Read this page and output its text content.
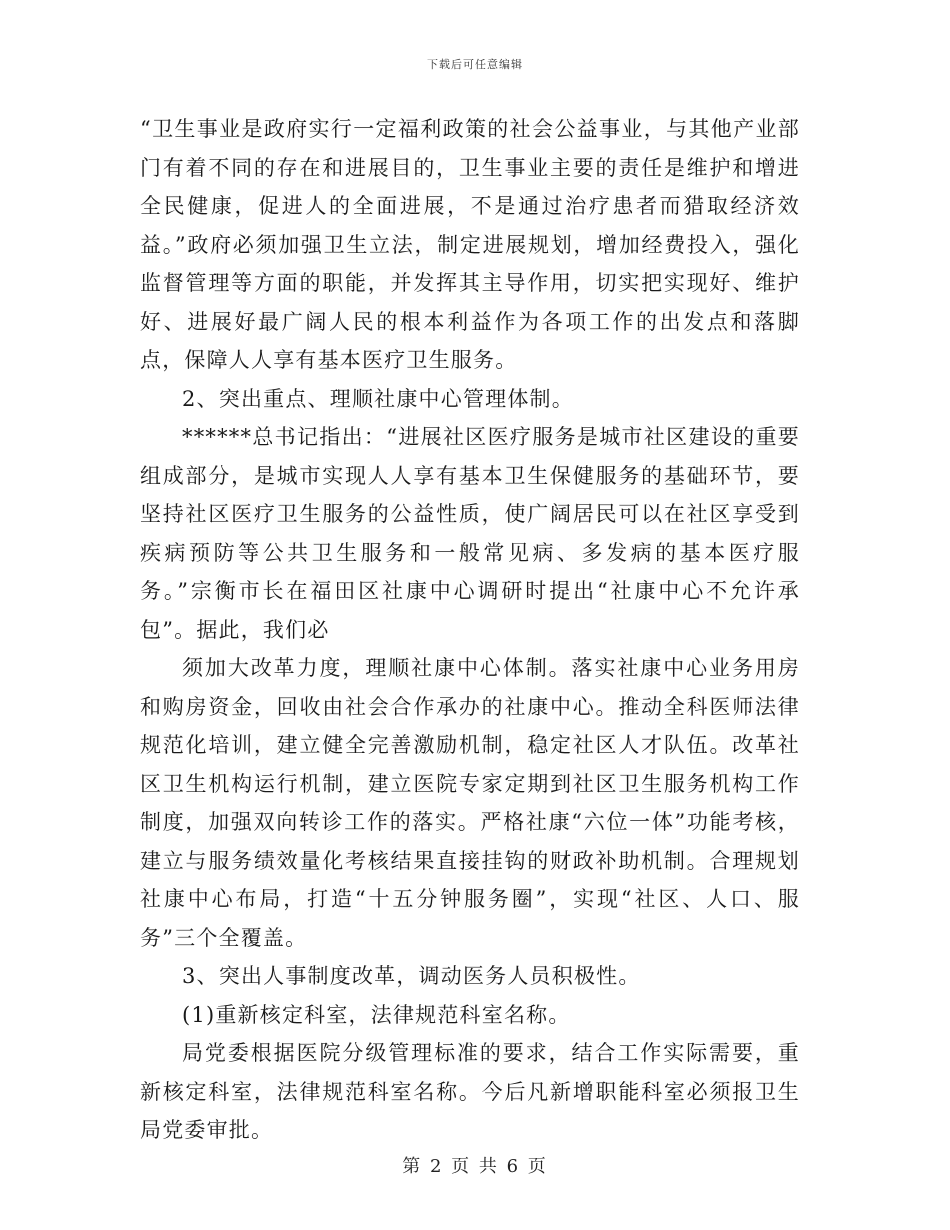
下载后可任意编辑

“卫生事业是政府实行一定福利政策的社会公益事业，与其他产业部门有着不同的存在和进展目的，卫生事业主要的责任是维护和增进全民健康，促进人的全面进展，不是通过治疗患者而猎取经济效益。”政府必须加强卫生立法，制定进展规划，增加经费投入，强化监督管理等方面的职能，并发挥其主导作用，切实把实现好、维护好、进展好最广阔人民的根本利益作为各项工作的出发点和落脚点，保障人人享有基本医疗卫生服务。

2、突出重点、理顺社康中心管理体制。

******总书记指出：“进展社区医疗服务是城市社区建设的重要组成部分，是城市实现人人享有基本卫生保健服务的基础环节，要坚持社区医疗卫生服务的公益性质，使广阔居民可以在社区享受到疾病预防等公共卫生服务和一般常见病、多发病的基本医疗服务。”宗衡市长在福田区社康中心调研时提出“社康中心不允许承包”。据此，我们必

须加大改革力度，理顺社康中心体制。落实社康中心业务用房和购房资金，回收由社会合作承办的社康中心。推动全科医师法律规范化培训，建立健全完善激励机制，稳定社区人才队伍。改革社区卫生机构运行机制，建立医院专家定期到社区卫生服务机构工作制度，加强双向转诊工作的落实。严格社康“六位一体”功能考核，建立与服务绩效量化考核结果直接挂钩的财政补助机制。合理规划社康中心布局，打造“十五分钟服务圈”，实现“社区、人口、服务”三个全覆盖。

3、突出人事制度改革，调动医务人员积极性。

(1)重新核定科室，法律规范科室名称。

局党委根据医院分级管理标准的要求，结合工作实际需要，重新核定科室，法律规范科室名称。今后凡新增职能科室必须报卫生局党委审批。

第 2 页 共 6 页
